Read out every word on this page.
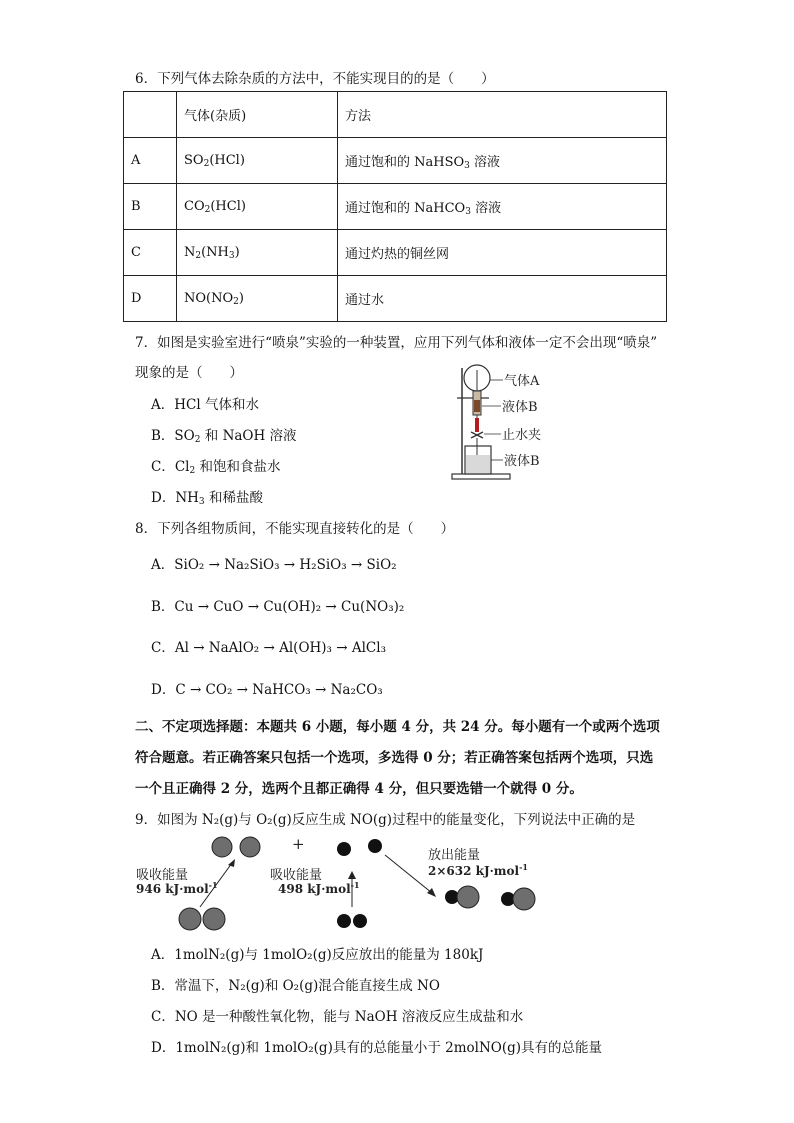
6．下列气体去除杂质的方法中，不能实现目的的是（　　）
	气体(杂质)	方法
A	$SO_2(HCl)$	通过饱和的 NaHSO$_3$ 溶液
B	$CO_2(HCl)$	通过饱和的 NaHCO$_3$ 溶液
C	$N_2(NH_3)$	通过灼热的铜丝网
D	$NO(NO_2)$	通过水
7．如图是实验室进行“喷泉”实验的一种装置，应用下列气体和液体一定不会出现“喷泉”
现象的是（　　）
A．HCl 气体和水
B．$SO_2$ 和 NaOH 溶液
C．$Cl_2$ 和饱和食盐水
D．$NH_3$ 和稀盐酸
气体A
液体B
止水夹
液体B
8．下列各组物质间，不能实现直接转化的是（　　）
A．SiO₂ → Na₂SiO₃ → H₂SiO₃ → SiO₂
B．Cu → CuO → Cu(OH)₂ → Cu(NO₃)₂
C．Al → NaAlO₂ → Al(OH)₃ → AlCl₃
D．C → CO₂ → NaHCO₃ → Na₂CO₃
二、不定项选择题：本题共 6 小题，每小题 4 分，共 24 分。每小题有一个或两个选项
符合题意。若正确答案只包括一个选项，多选得 0 分；若正确答案包括两个选项，只选
一个且正确得 2 分，选两个且都正确得 4 分，但只要选错一个就得 0 分。
9．如图为 N₂(g)与 O₂(g)反应生成 NO(g)过程中的能量变化，下列说法中正确的是
+
吸收能量
946 kJ·mol$^{-1}$
吸收能量
498 kJ·mol$^{-1}$
放出能量
2×632 kJ·mol$^{-1}$
A．1molN₂(g)与 1molO₂(g)反应放出的能量为 180kJ
B．常温下，N₂(g)和 O₂(g)混合能直接生成 NO
C．NO 是一种酸性氧化物，能与 NaOH 溶液反应生成盐和水
D．1molN₂(g)和 1molO₂(g)具有的总能量小于 2molNO(g)具有的总能量
